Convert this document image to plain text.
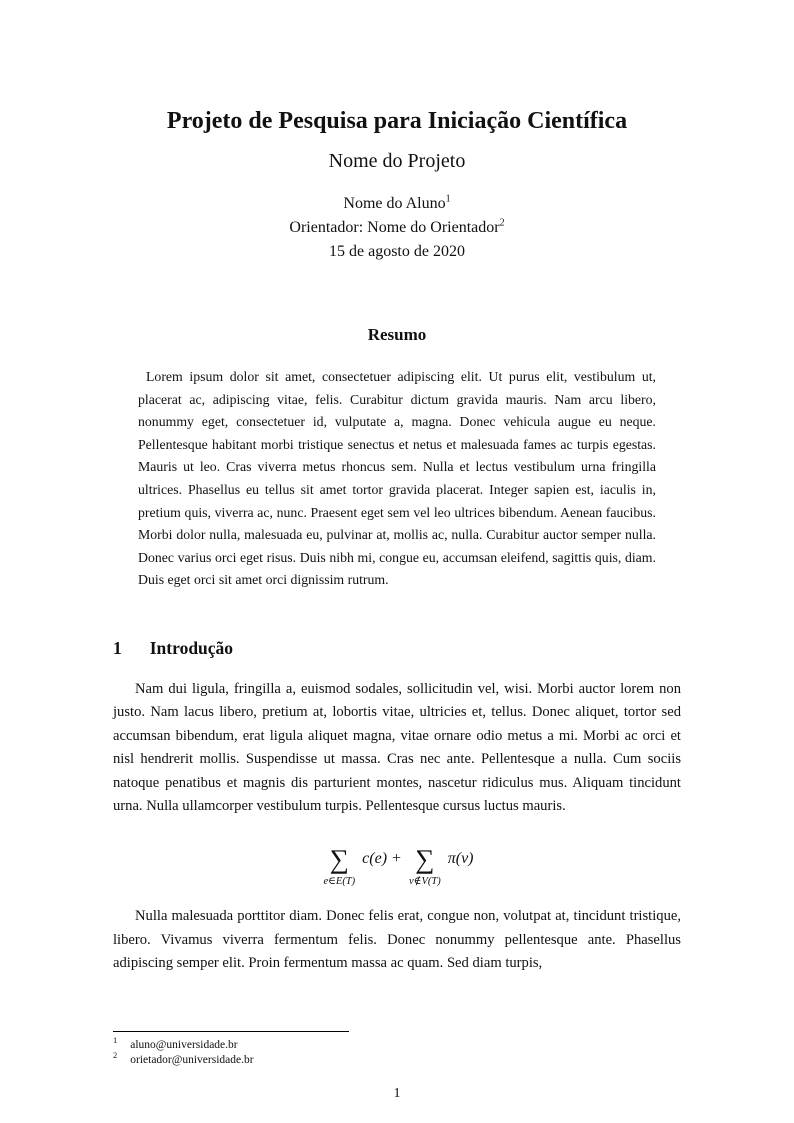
Projeto de Pesquisa para Iniciação Científica
Nome do Projeto
Nome do Aluno$^1$
Orientador: Nome do Orientador$^2$
15 de agosto de 2020
Resumo

Lorem ipsum dolor sit amet, consectetuer adipiscing elit. Ut purus elit, vestibulum ut, placerat ac, adipiscing vitae, felis. Curabitur dictum gravida mauris. Nam arcu libero, nonummy eget, consectetuer id, vulputate a, magna. Donec vehicula augue eu neque. Pellentesque habitant morbi tristique senectus et netus et malesuada fames ac turpis egestas. Mauris ut leo. Cras viverra metus rhoncus sem. Nulla et lectus vestibulum urna fringilla ultrices. Phasellus eu tellus sit amet tortor gravida placerat. Integer sapien est, iaculis in, pretium quis, viverra ac, nunc. Praesent eget sem vel leo ultrices bibendum. Aenean faucibus. Morbi dolor nulla, malesuada eu, pulvinar at, mollis ac, nulla. Curabitur auctor semper nulla. Donec varius orci eget risus. Duis nibh mi, congue eu, accumsan eleifend, sagittis quis, diam. Duis eget orci sit amet orci dignissim rutrum.

1 Introdução

Nam dui ligula, fringilla a, euismod sodales, sollicitudin vel, wisi. Morbi auctor lorem non justo. Nam lacus libero, pretium at, lobortis vitae, ultricies et, tellus. Donec aliquet, tortor sed accumsan bibendum, erat ligula aliquet magna, vitae ornare odio metus a mi. Morbi ac orci et nisl hendrerit mollis. Suspendisse ut massa. Cras nec ante. Pellentesque a nulla. Cum sociis natoque penatibus et magnis dis parturient montes, nascetur ridiculus mus. Aliquam tincidunt urna. Nulla ullamcorper vestibulum turpis. Pellentesque cursus luctus mauris.

∑
e∈E(T)
c(e) + ∑
v∉V(T)
π(v)

Nulla malesuada porttitor diam. Donec felis erat, congue non, volutpat at, tincidunt tristique, libero. Vivamus viverra fermentum felis. Donec nonummy pellentesque ante. Phasellus adipiscing semper elit. Proin fermentum massa ac quam. Sed diam turpis,

$^1$ aluno@universidade.br
$^2$ orietador@universidade.br
1
